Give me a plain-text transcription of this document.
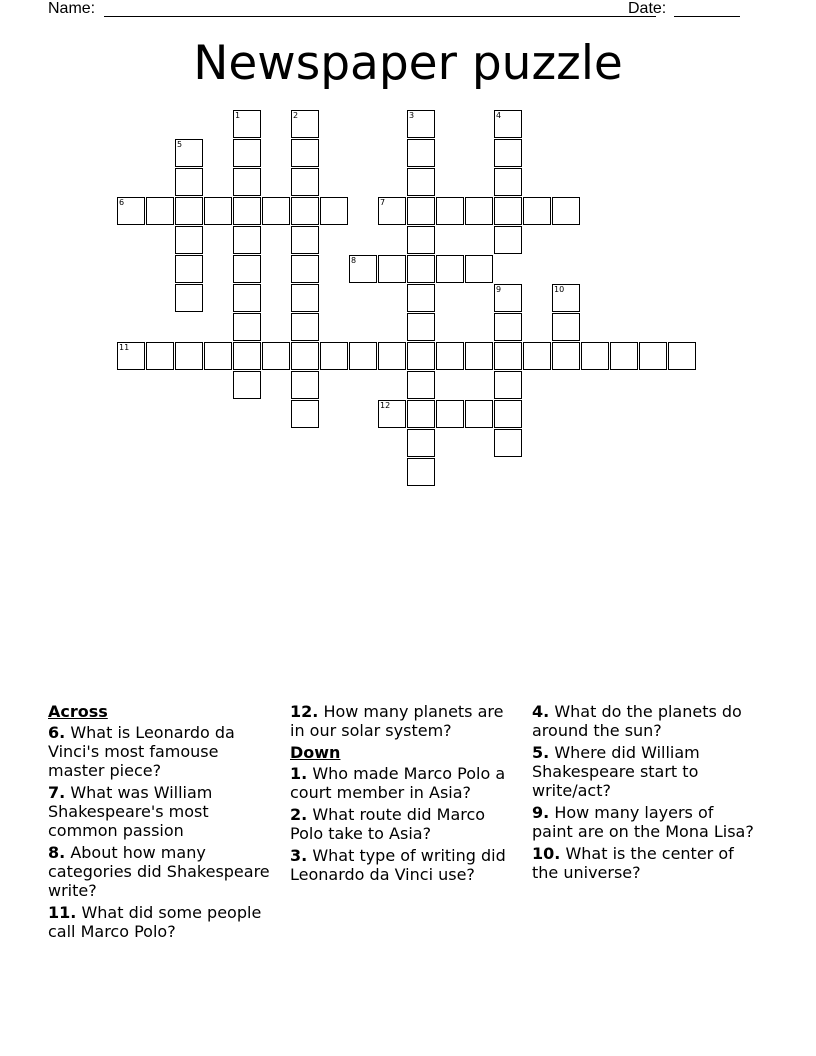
Name:	Date:
Newspaper puzzle
1	2	3	4
5
6	7
8
9	10
11
12
Across
6. What is Leonardo da Vinci's most famouse master piece?
7. What was William Shakespeare's most common passion
8. About how many categories did Shakespeare write?
11. What did some people call Marco Polo?
12. How many planets are in our solar system?
Down
1. Who made Marco Polo a court member in Asia?
2. What route did Marco Polo take to Asia?
3. What type of writing did Leonardo da Vinci use?
4. What do the planets do around the sun?
5. Where did William Shakespeare start to write/act?
9. How many layers of paint are on the Mona Lisa?
10. What is the center of the universe?
